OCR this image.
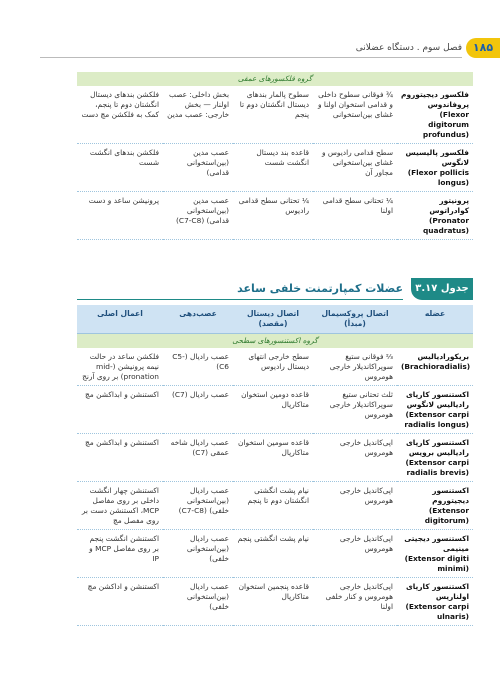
۱۸۵
فصل سوم . دستگاه عضلانی
گروه فلکسورهای عمقی				
فلکسور دیجیتوروم پروفاندوس
(Flexor digitorum profundus)	¾ فوقانی سطوح داخلی و قدامی استخوان اولنا و غشای بین‌استخوانی	سطوح پالمار بندهای دیستال انگشتان دوم تا پنجم	بخش داخلی: عصب اولنار — بخش خارجی: عصب مدین	فلکشن بندهای دیستال انگشتان دوم تا پنجم، کمک به فلکشن مچ دست
فلکسور پالیسیس لانگوس
(Flexor pollicis longus)	سطح قدامی رادیوس و غشای بین‌استخوانی مجاور آن	قاعده بند دیستال انگشت شست	عصب مدین (بین‌استخوانی قدامی)	فلکشن بندهای انگشت شست
پرونیتور کوادراتوس
(Pronator quadratus)	¼ تحتانی سطح قدامی اولنا	¼ تحتانی سطح قدامی رادیوس	عصب مدین (بین‌استخوانی قدامی) (C7-C8)	پرونیشن ساعد و دست
جدول ۳.۱۷
عضلات کمپارتمنت خلفی ساعد
عضله	اتصال پروکسیمال (مبدأ)	اتصال دیستال (مقصد)	عصب‌دهی	اعمال اصلی
گروه اکستنسورهای سطحی				
بریکورادیالیس
(Brachioradialis)	⅔ فوقانی ستیغ سوپراکاندیلار خارجی هومروس	سطح خارجی انتهای دیستال رادیوس	عصب رادیال (C5-C6)	فلکشن ساعد در حالت نیمه پرونیشن (mid-pronation) بر روی آرنج
اکستنسور کارپای رادیالیس لانگوس
(Extensor carpi radialis longus)	ثلث تحتانی ستیغ سوپراکاندیلار خارجی هومروس	قاعده دومین استخوان متاکارپال	عصب رادیال (C7)	اکستنشن و ابداکشن مچ
اکستنسور کارپای رادیالیس برویس
(Extensor carpi radialis brevis)	اپی‌کاندیل خارجی هومروس	قاعده سومین استخوان متاکارپال	عصب رادیال شاخه عمقی (C7)	اکستنشن و ابداکشن مچ
اکستنسور دیجیتوروم
(Extensor digitorum)	اپی‌کاندیل خارجی هومروس	نیام پشت انگشتی انگشتان دوم تا پنجم	عصب رادیال (بین‌استخوانی خلفی) (C7-C8)	اکستنشن چهار انگشت داخلی بر روی مفاصل MCP، اکستنشن دست بر روی مفصل مچ
اکستنسور دیجیتی مینیمی
(Extensor digiti minimi)	اپی‌کاندیل خارجی هومروس	نیام پشت انگشتی پنجم	عصب رادیال (بین‌استخوانی خلفی)	اکستنشن انگشت پنجم بر روی مفاصل MCP و IP
اکستنسور کارپای اولناریس
(Extensor carpi ulnaris)	اپی‌کاندیل خارجی هومروس و کنار خلفی اولنا	قاعده پنجمین استخوان متاکارپال	عصب رادیال (بین‌استخوانی خلفی)	اکستنشن و اداکشن مچ
